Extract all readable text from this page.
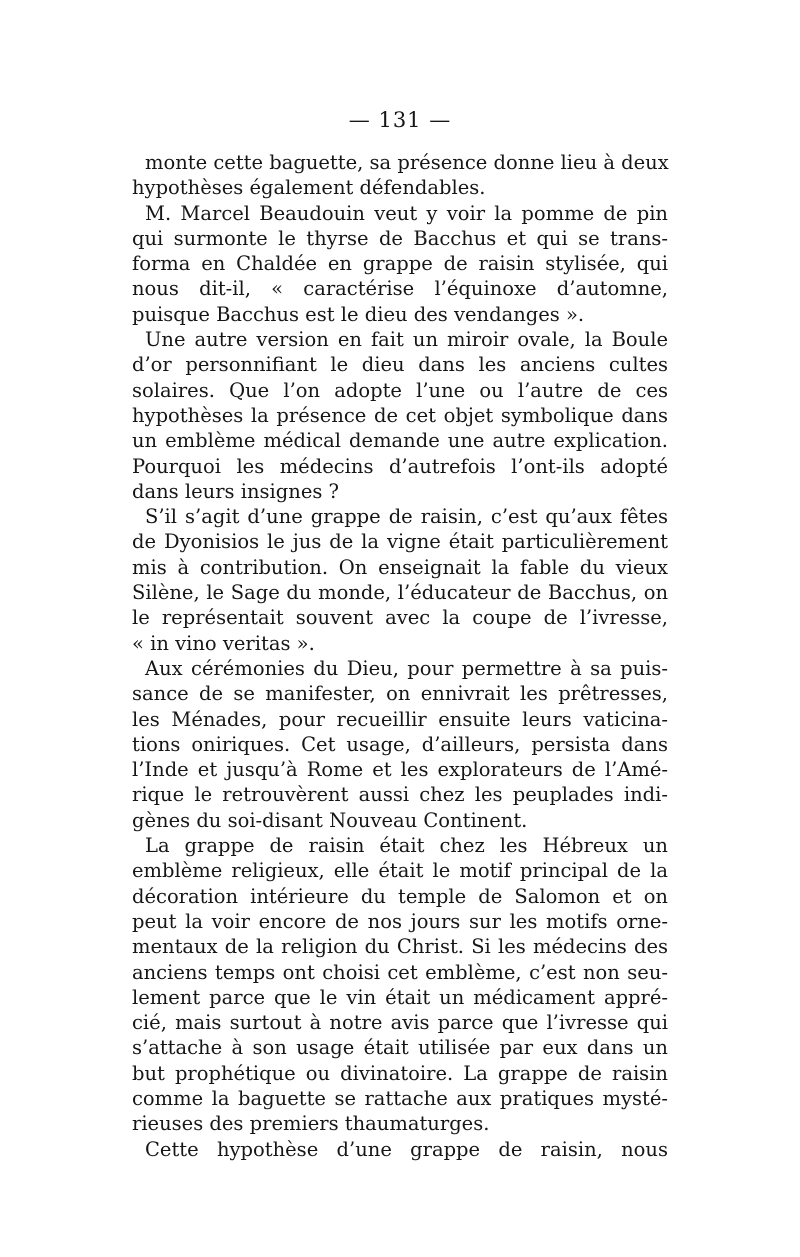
— 131 —
monte cette baguette, sa présence donne lieu à deux
hypothèses également défendables.
M. Marcel Beaudouin veut y voir la pomme de pin
qui surmonte le thyrse de Bacchus et qui se trans-
forma en Chaldée en grappe de raisin stylisée, qui
nous dit-il, « caractérise l’équinoxe d’automne,
puisque Bacchus est le dieu des vendanges ».
Une autre version en fait un miroir ovale, la Boule
d’or personnifiant le dieu dans les anciens cultes
solaires. Que l’on adopte l’une ou l’autre de ces
hypothèses la présence de cet objet symbolique dans
un emblème médical demande une autre explication.
Pourquoi les médecins d’autrefois l’ont-ils adopté
dans leurs insignes ?
S’il s’agit d’une grappe de raisin, c’est qu’aux fêtes
de Dyonisios le jus de la vigne était particulièrement
mis à contribution. On enseignait la fable du vieux
Silène, le Sage du monde, l’éducateur de Bacchus, on
le représentait souvent avec la coupe de l’ivresse,
« in vino veritas ».
Aux cérémonies du Dieu, pour permettre à sa puis-
sance de se manifester, on ennivrait les prêtresses,
les Ménades, pour recueillir ensuite leurs vaticina-
tions oniriques. Cet usage, d’ailleurs, persista dans
l’Inde et jusqu’à Rome et les explorateurs de l’Amé-
rique le retrouvèrent aussi chez les peuplades indi-
gènes du soi-disant Nouveau Continent.
La grappe de raisin était chez les Hébreux un
emblème religieux, elle était le motif principal de la
décoration intérieure du temple de Salomon et on
peut la voir encore de nos jours sur les motifs orne-
mentaux de la religion du Christ. Si les médecins des
anciens temps ont choisi cet emblème, c’est non seu-
lement parce que le vin était un médicament appré-
cié, mais surtout à notre avis parce que l’ivresse qui
s’attache à son usage était utilisée par eux dans un
but prophétique ou divinatoire. La grappe de raisin
comme la baguette se rattache aux pratiques mysté-
rieuses des premiers thaumaturges.
Cette hypothèse d’une grappe de raisin, nous
